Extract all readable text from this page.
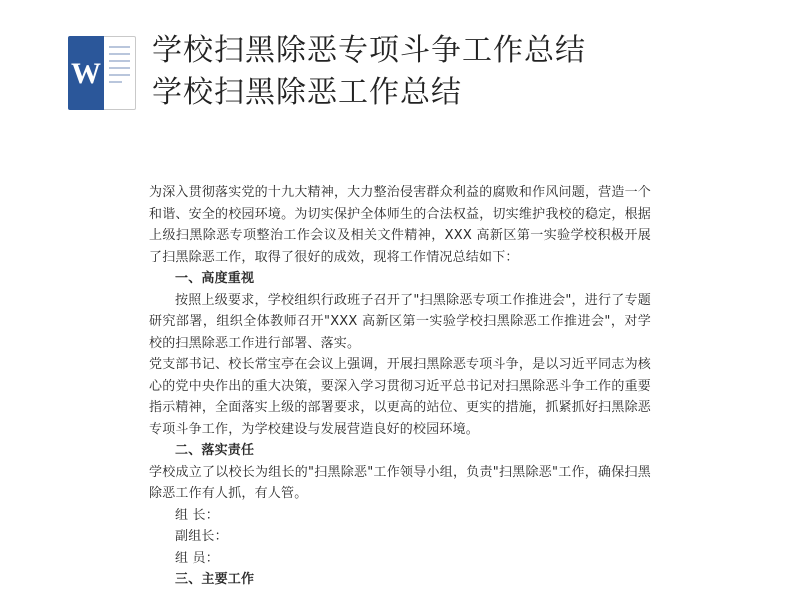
W
学校扫黑除恶专项斗争工作总结
学校扫黑除恶工作总结

为深入贯彻落实党的十九大精神，大力整治侵害群众利益的腐败和作风问题，营造一个和谐、安全的校园环境。为切实保护全体师生的合法权益，切实维护我校的稳定，根据上级扫黑除恶专项整治工作会议及相关文件精神，XXX 高新区第一实验学校积极开展了扫黑除恶工作，取得了很好的成效，现将工作情况总结如下：

一、高度重视

按照上级要求，学校组织行政班子召开了"扫黑除恶专项工作推进会"，进行了专题研究部署，组织全体教师召开"XXX 高新区第一实验学校扫黑除恶工作推进会"，对学校的扫黑除恶工作进行部署、落实。

党支部书记、校长常宝亭在会议上强调，开展扫黑除恶专项斗争，是以习近平同志为核心的党中央作出的重大决策，要深入学习贯彻习近平总书记对扫黑除恶斗争工作的重要指示精神，全面落实上级的部署要求，以更高的站位、更实的措施，抓紧抓好扫黑除恶专项斗争工作，为学校建设与发展营造良好的校园环境。

二、落实责任

学校成立了以校长为组长的"扫黑除恶"工作领导小组，负责"扫黑除恶"工作，确保扫黑除恶工作有人抓，有人管。

组 长：

副组长：

组 员：

三、主要工作
